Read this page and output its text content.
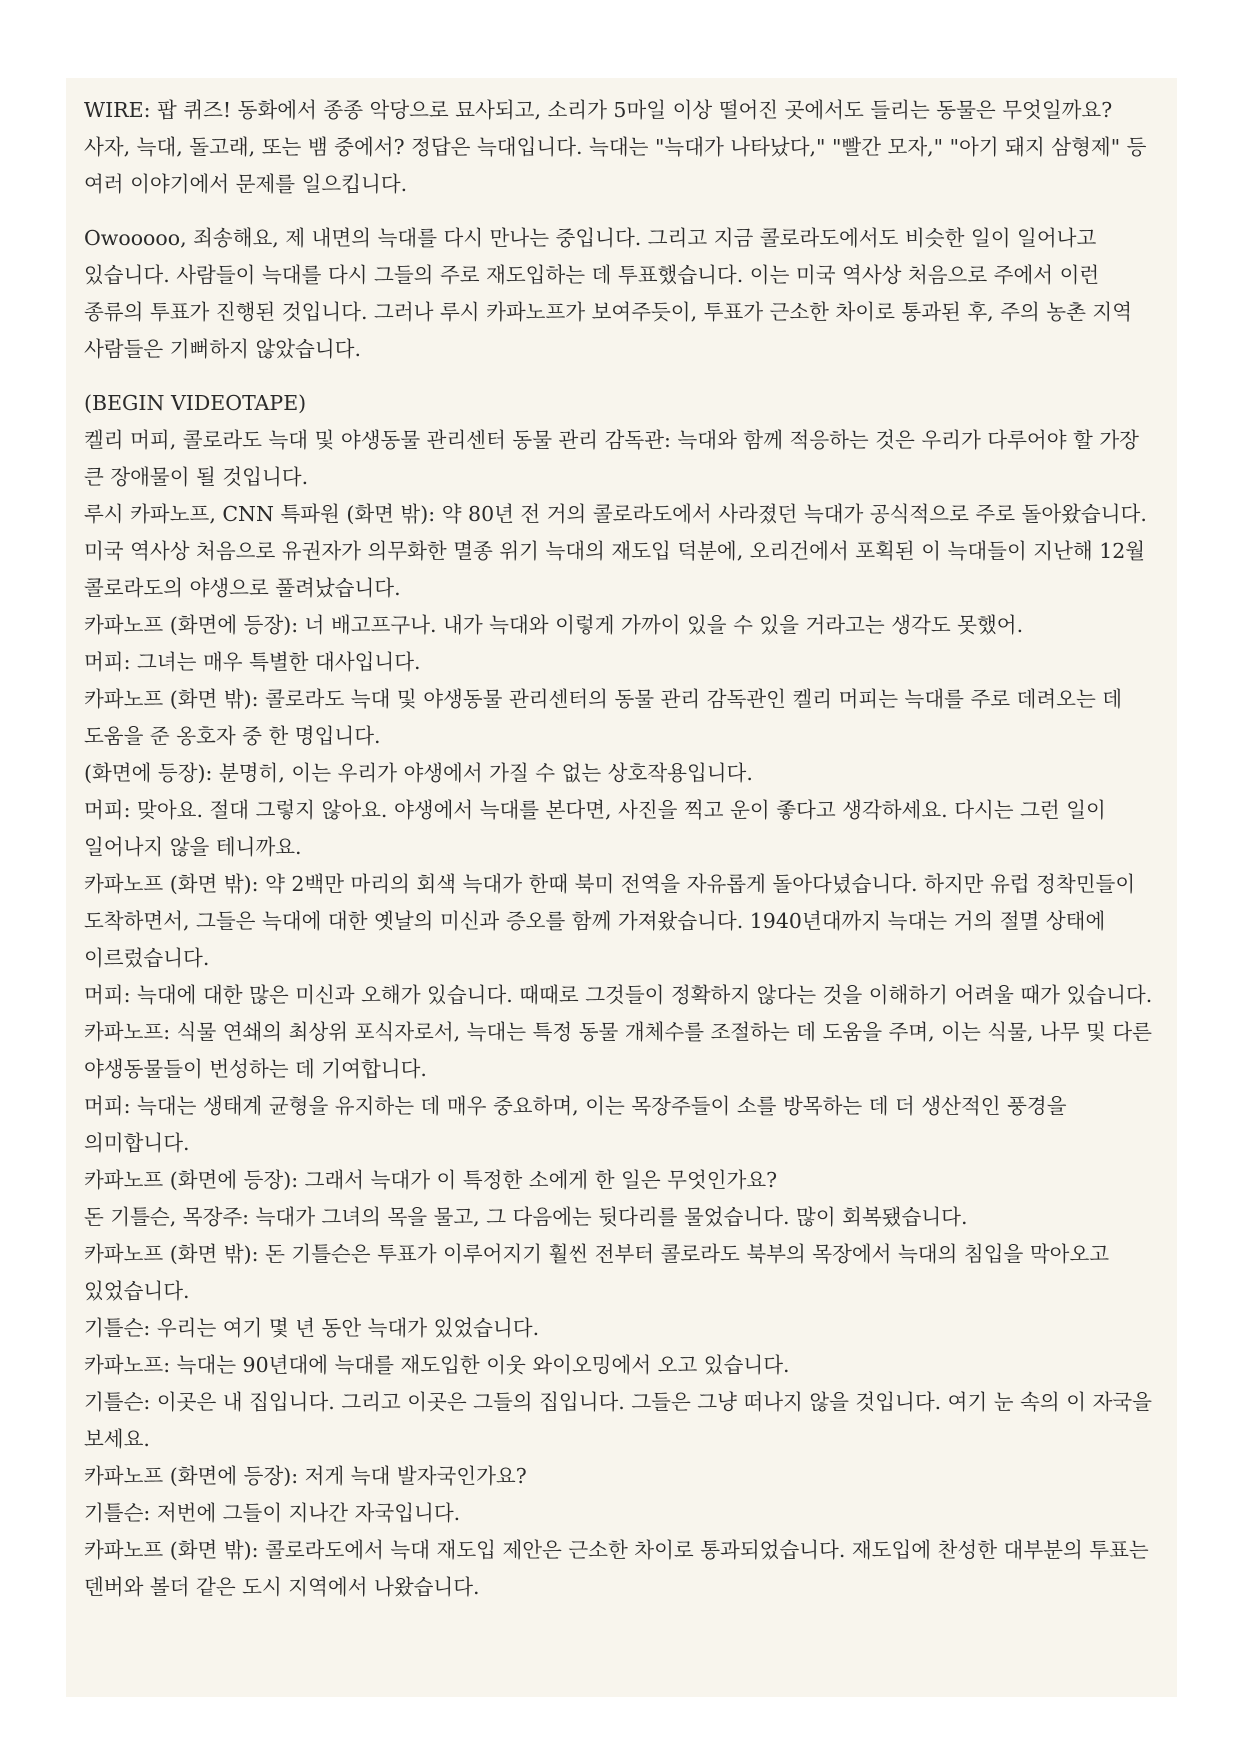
WIRE: 팝 퀴즈! 동화에서 종종 악당으로 묘사되고, 소리가 5마일 이상 떨어진 곳에서도 들리는 동물은 무엇일까요? 사자, 늑대, 돌고래, 또는 뱀 중에서? 정답은 늑대입니다. 늑대는 "늑대가 나타났다," "빨간 모자," "아기 돼지 삼형제" 등 여러 이야기에서 문제를 일으킵니다.

Owooooo, 죄송해요, 제 내면의 늑대를 다시 만나는 중입니다. 그리고 지금 콜로라도에서도 비슷한 일이 일어나고 있습니다. 사람들이 늑대를 다시 그들의 주로 재도입하는 데 투표했습니다. 이는 미국 역사상 처음으로 주에서 이런 종류의 투표가 진행된 것입니다. 그러나 루시 카파노프가 보여주듯이, 투표가 근소한 차이로 통과된 후, 주의 농촌 지역 사람들은 기뻐하지 않았습니다.

(BEGIN VIDEOTAPE)

켈리 머피, 콜로라도 늑대 및 야생동물 관리센터 동물 관리 감독관: 늑대와 함께 적응하는 것은 우리가 다루어야 할 가장 큰 장애물이 될 것입니다.

루시 카파노프, CNN 특파원 (화면 밖): 약 80년 전 거의 콜로라도에서 사라졌던 늑대가 공식적으로 주로 돌아왔습니다. 미국 역사상 처음으로 유권자가 의무화한 멸종 위기 늑대의 재도입 덕분에, 오리건에서 포획된 이 늑대들이 지난해 12월 콜로라도의 야생으로 풀려났습니다.

카파노프 (화면에 등장): 너 배고프구나. 내가 늑대와 이렇게 가까이 있을 수 있을 거라고는 생각도 못했어.

머피: 그녀는 매우 특별한 대사입니다.

카파노프 (화면 밖): 콜로라도 늑대 및 야생동물 관리센터의 동물 관리 감독관인 켈리 머피는 늑대를 주로 데려오는 데 도움을 준 옹호자 중 한 명입니다.

(화면에 등장): 분명히, 이는 우리가 야생에서 가질 수 없는 상호작용입니다.

머피: 맞아요. 절대 그렇지 않아요. 야생에서 늑대를 본다면, 사진을 찍고 운이 좋다고 생각하세요. 다시는 그런 일이 일어나지 않을 테니까요.

카파노프 (화면 밖): 약 2백만 마리의 회색 늑대가 한때 북미 전역을 자유롭게 돌아다녔습니다. 하지만 유럽 정착민들이 도착하면서, 그들은 늑대에 대한 옛날의 미신과 증오를 함께 가져왔습니다. 1940년대까지 늑대는 거의 절멸 상태에 이르렀습니다.

머피: 늑대에 대한 많은 미신과 오해가 있습니다. 때때로 그것들이 정확하지 않다는 것을 이해하기 어려울 때가 있습니다.

카파노프: 식물 연쇄의 최상위 포식자로서, 늑대는 특정 동물 개체수를 조절하는 데 도움을 주며, 이는 식물, 나무 및 다른 야생동물들이 번성하는 데 기여합니다.

머피: 늑대는 생태계 균형을 유지하는 데 매우 중요하며, 이는 목장주들이 소를 방목하는 데 더 생산적인 풍경을 의미합니다.

카파노프 (화면에 등장): 그래서 늑대가 이 특정한 소에게 한 일은 무엇인가요?

돈 기틀슨, 목장주: 늑대가 그녀의 목을 물고, 그 다음에는 뒷다리를 물었습니다. 많이 회복됐습니다.

카파노프 (화면 밖): 돈 기틀슨은 투표가 이루어지기 훨씬 전부터 콜로라도 북부의 목장에서 늑대의 침입을 막아오고 있었습니다.

기틀슨: 우리는 여기 몇 년 동안 늑대가 있었습니다.

카파노프: 늑대는 90년대에 늑대를 재도입한 이웃 와이오밍에서 오고 있습니다.

기틀슨: 이곳은 내 집입니다. 그리고 이곳은 그들의 집입니다. 그들은 그냥 떠나지 않을 것입니다. 여기 눈 속의 이 자국을 보세요.

카파노프 (화면에 등장): 저게 늑대 발자국인가요?

기틀슨: 저번에 그들이 지나간 자국입니다.

카파노프 (화면 밖): 콜로라도에서 늑대 재도입 제안은 근소한 차이로 통과되었습니다. 재도입에 찬성한 대부분의 투표는 덴버와 볼더 같은 도시 지역에서 나왔습니다.
